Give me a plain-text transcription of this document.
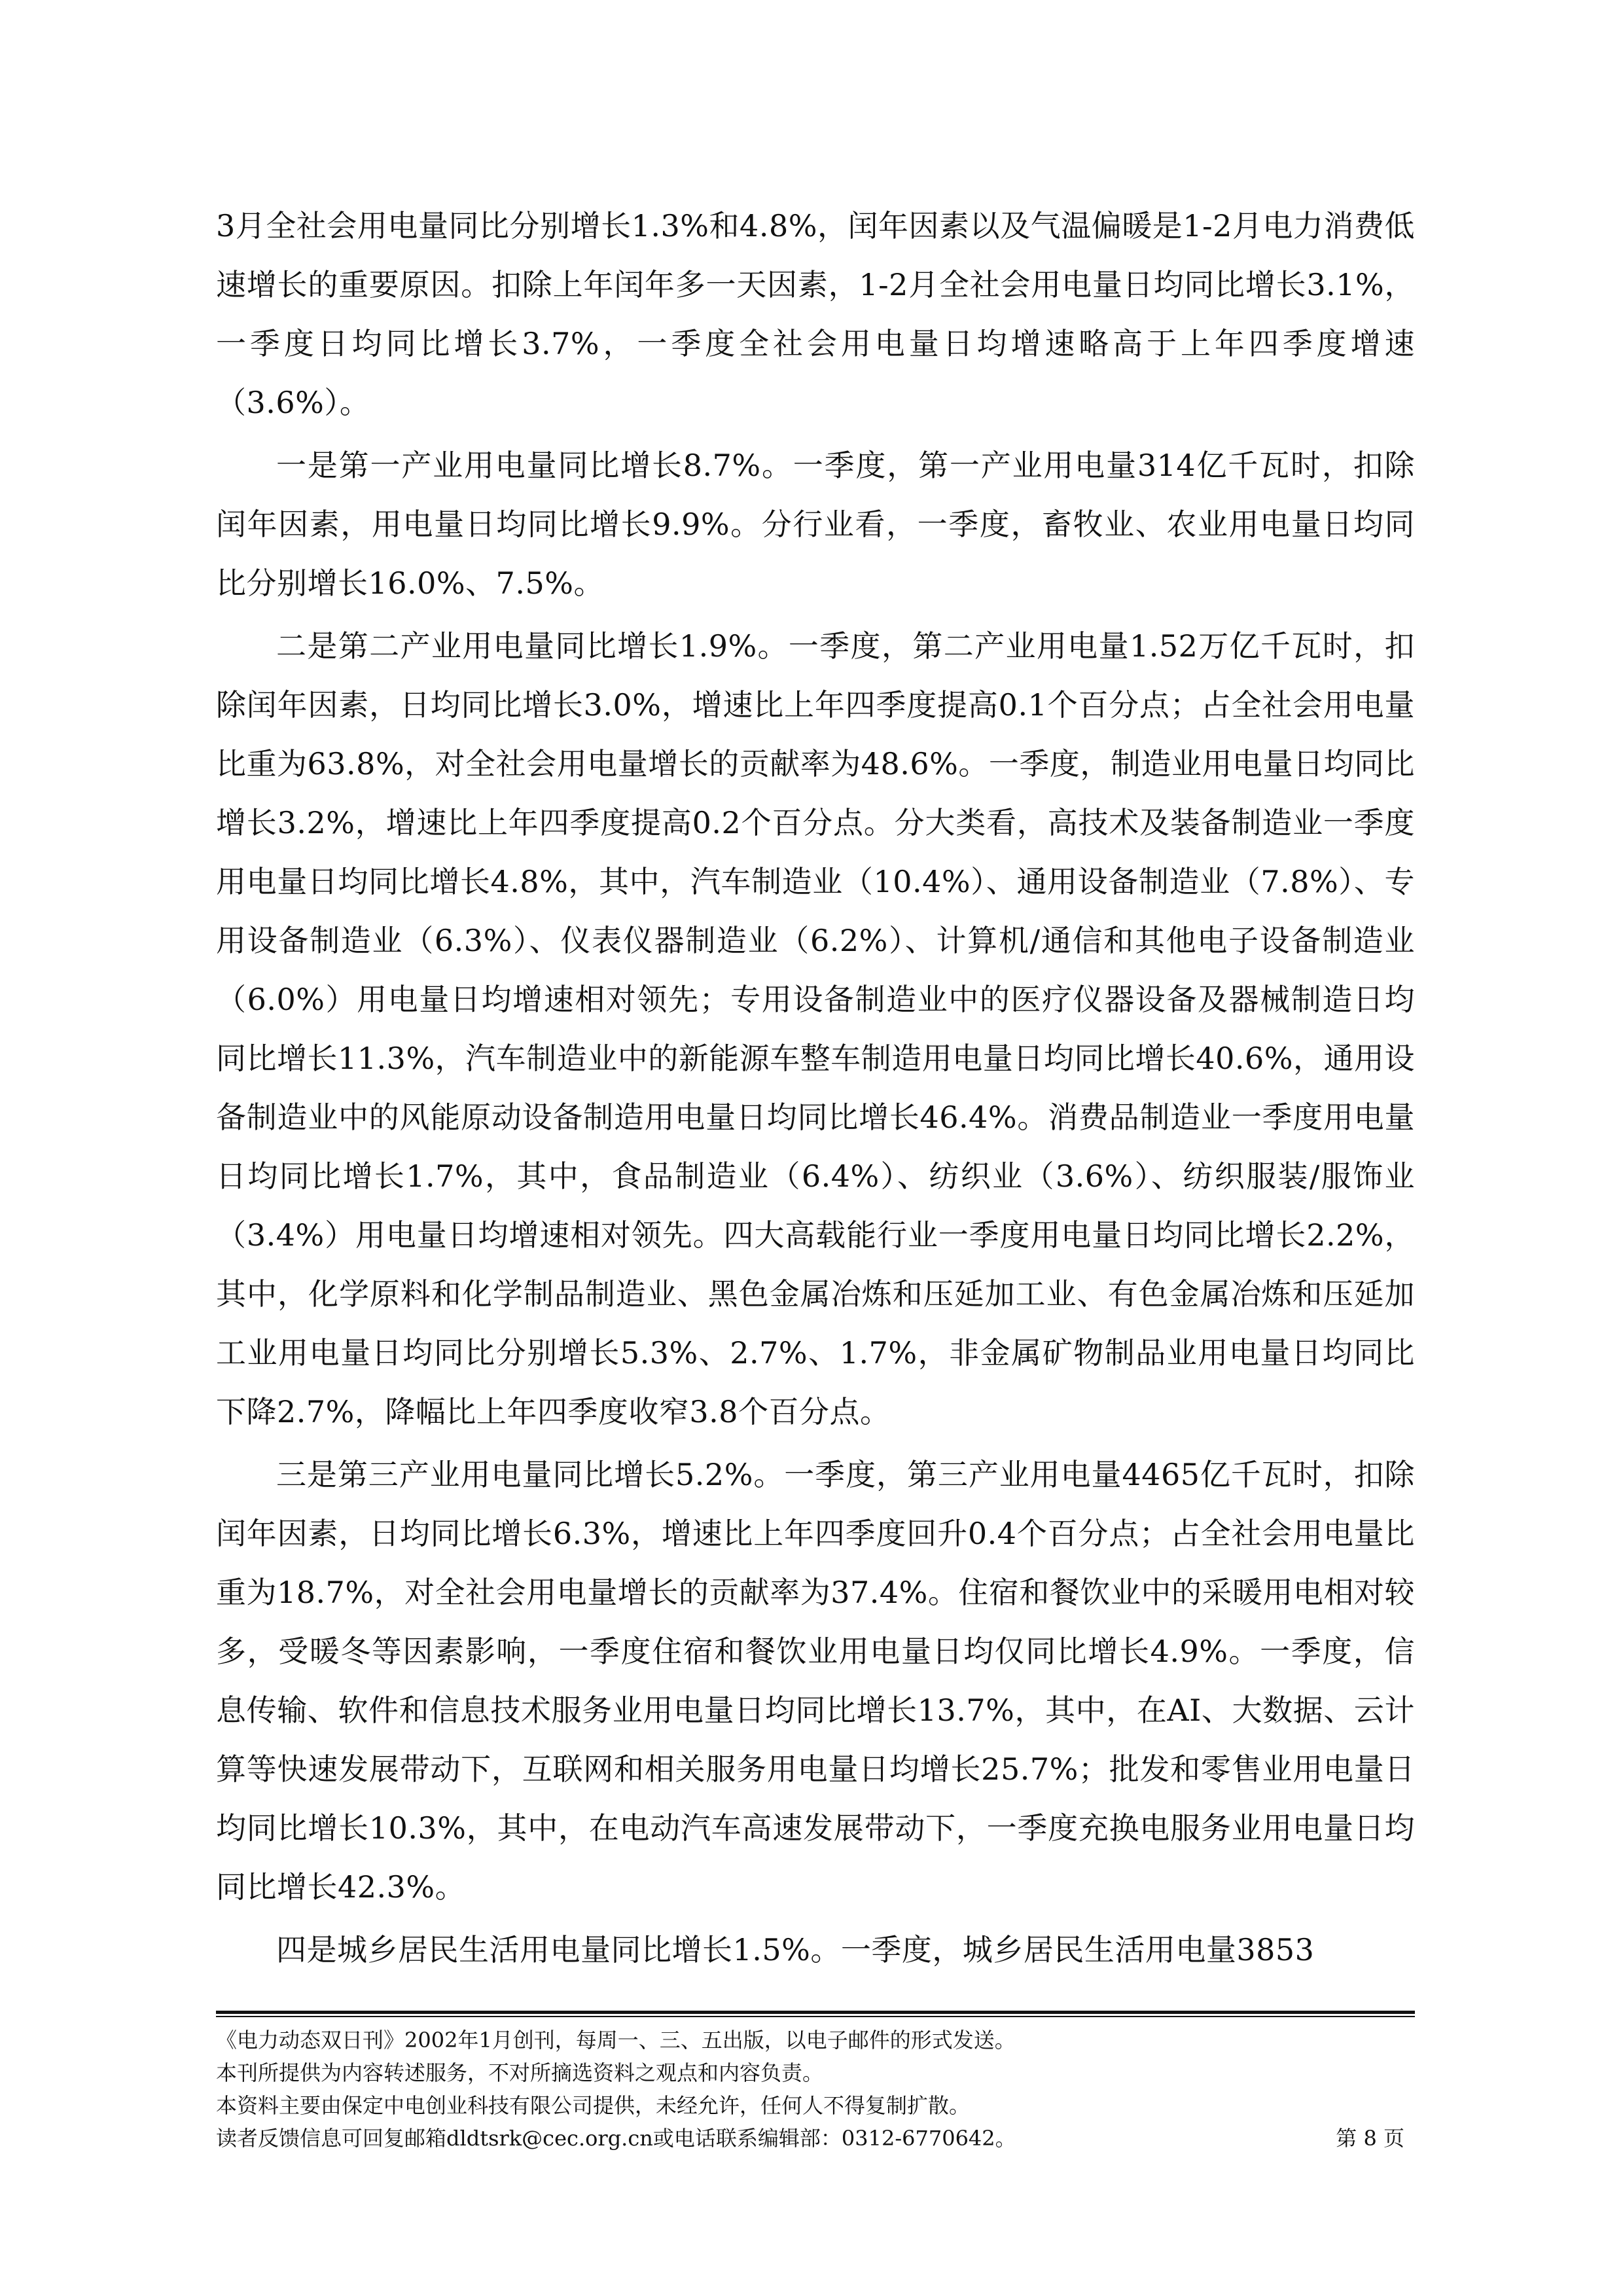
3月全社会用电量同比分别增长1.3%和4.8%，闰年因素以及气温偏暖是1-2月电力消费低速增长的重要原因。扣除上年闰年多一天因素，1-2月全社会用电量日均同比增长3.1%，一季度日均同比增长3.7%，一季度全社会用电量日均增速略高于上年四季度增速（3.6%）。

一是第一产业用电量同比增长8.7%。一季度，第一产业用电量314亿千瓦时，扣除闰年因素，用电量日均同比增长9.9%。分行业看，一季度，畜牧业、农业用电量日均同比分别增长16.0%、7.5%。

二是第二产业用电量同比增长1.9%。一季度，第二产业用电量1.52万亿千瓦时，扣除闰年因素，日均同比增长3.0%，增速比上年四季度提高0.1个百分点；占全社会用电量比重为63.8%，对全社会用电量增长的贡献率为48.6%。一季度，制造业用电量日均同比增长3.2%，增速比上年四季度提高0.2个百分点。分大类看，高技术及装备制造业一季度用电量日均同比增长4.8%，其中，汽车制造业（10.4%）、通用设备制造业（7.8%）、专用设备制造业（6.3%）、仪表仪器制造业（6.2%）、计算机/通信和其他电子设备制造业（6.0%）用电量日均增速相对领先；专用设备制造业中的医疗仪器设备及器械制造日均同比增长11.3%，汽车制造业中的新能源车整车制造用电量日均同比增长40.6%，通用设备制造业中的风能原动设备制造用电量日均同比增长46.4%。消费品制造业一季度用电量日均同比增长1.7%，其中，食品制造业（6.4%）、纺织业（3.6%）、纺织服装/服饰业（3.4%）用电量日均增速相对领先。四大高载能行业一季度用电量日均同比增长2.2%，其中，化学原料和化学制品制造业、黑色金属冶炼和压延加工业、有色金属冶炼和压延加工业用电量日均同比分别增长5.3%、2.7%、1.7%，非金属矿物制品业用电量日均同比下降2.7%，降幅比上年四季度收窄3.8个百分点。

三是第三产业用电量同比增长5.2%。一季度，第三产业用电量4465亿千瓦时，扣除闰年因素，日均同比增长6.3%，增速比上年四季度回升0.4个百分点；占全社会用电量比重为18.7%，对全社会用电量增长的贡献率为37.4%。住宿和餐饮业中的采暖用电相对较多，受暖冬等因素影响，一季度住宿和餐饮业用电量日均仅同比增长4.9%。一季度，信息传输、软件和信息技术服务业用电量日均同比增长13.7%，其中，在AI、大数据、云计算等快速发展带动下，互联网和相关服务用电量日均增长25.7%；批发和零售业用电量日均同比增长10.3%，其中，在电动汽车高速发展带动下，一季度充换电服务业用电量日均同比增长42.3%。

四是城乡居民生活用电量同比增长1.5%。一季度，城乡居民生活用电量3853

《电力动态双日刊》2002年1月创刊，每周一、三、五出版，以电子邮件的形式发送。
本刊所提供为内容转述服务，不对所摘选资料之观点和内容负责。
本资料主要由保定中电创业科技有限公司提供，未经允许，任何人不得复制扩散。
读者反馈信息可回复邮箱dldtsrk@cec.org.cn或电话联系编辑部：0312-6770642。	第 8 页
